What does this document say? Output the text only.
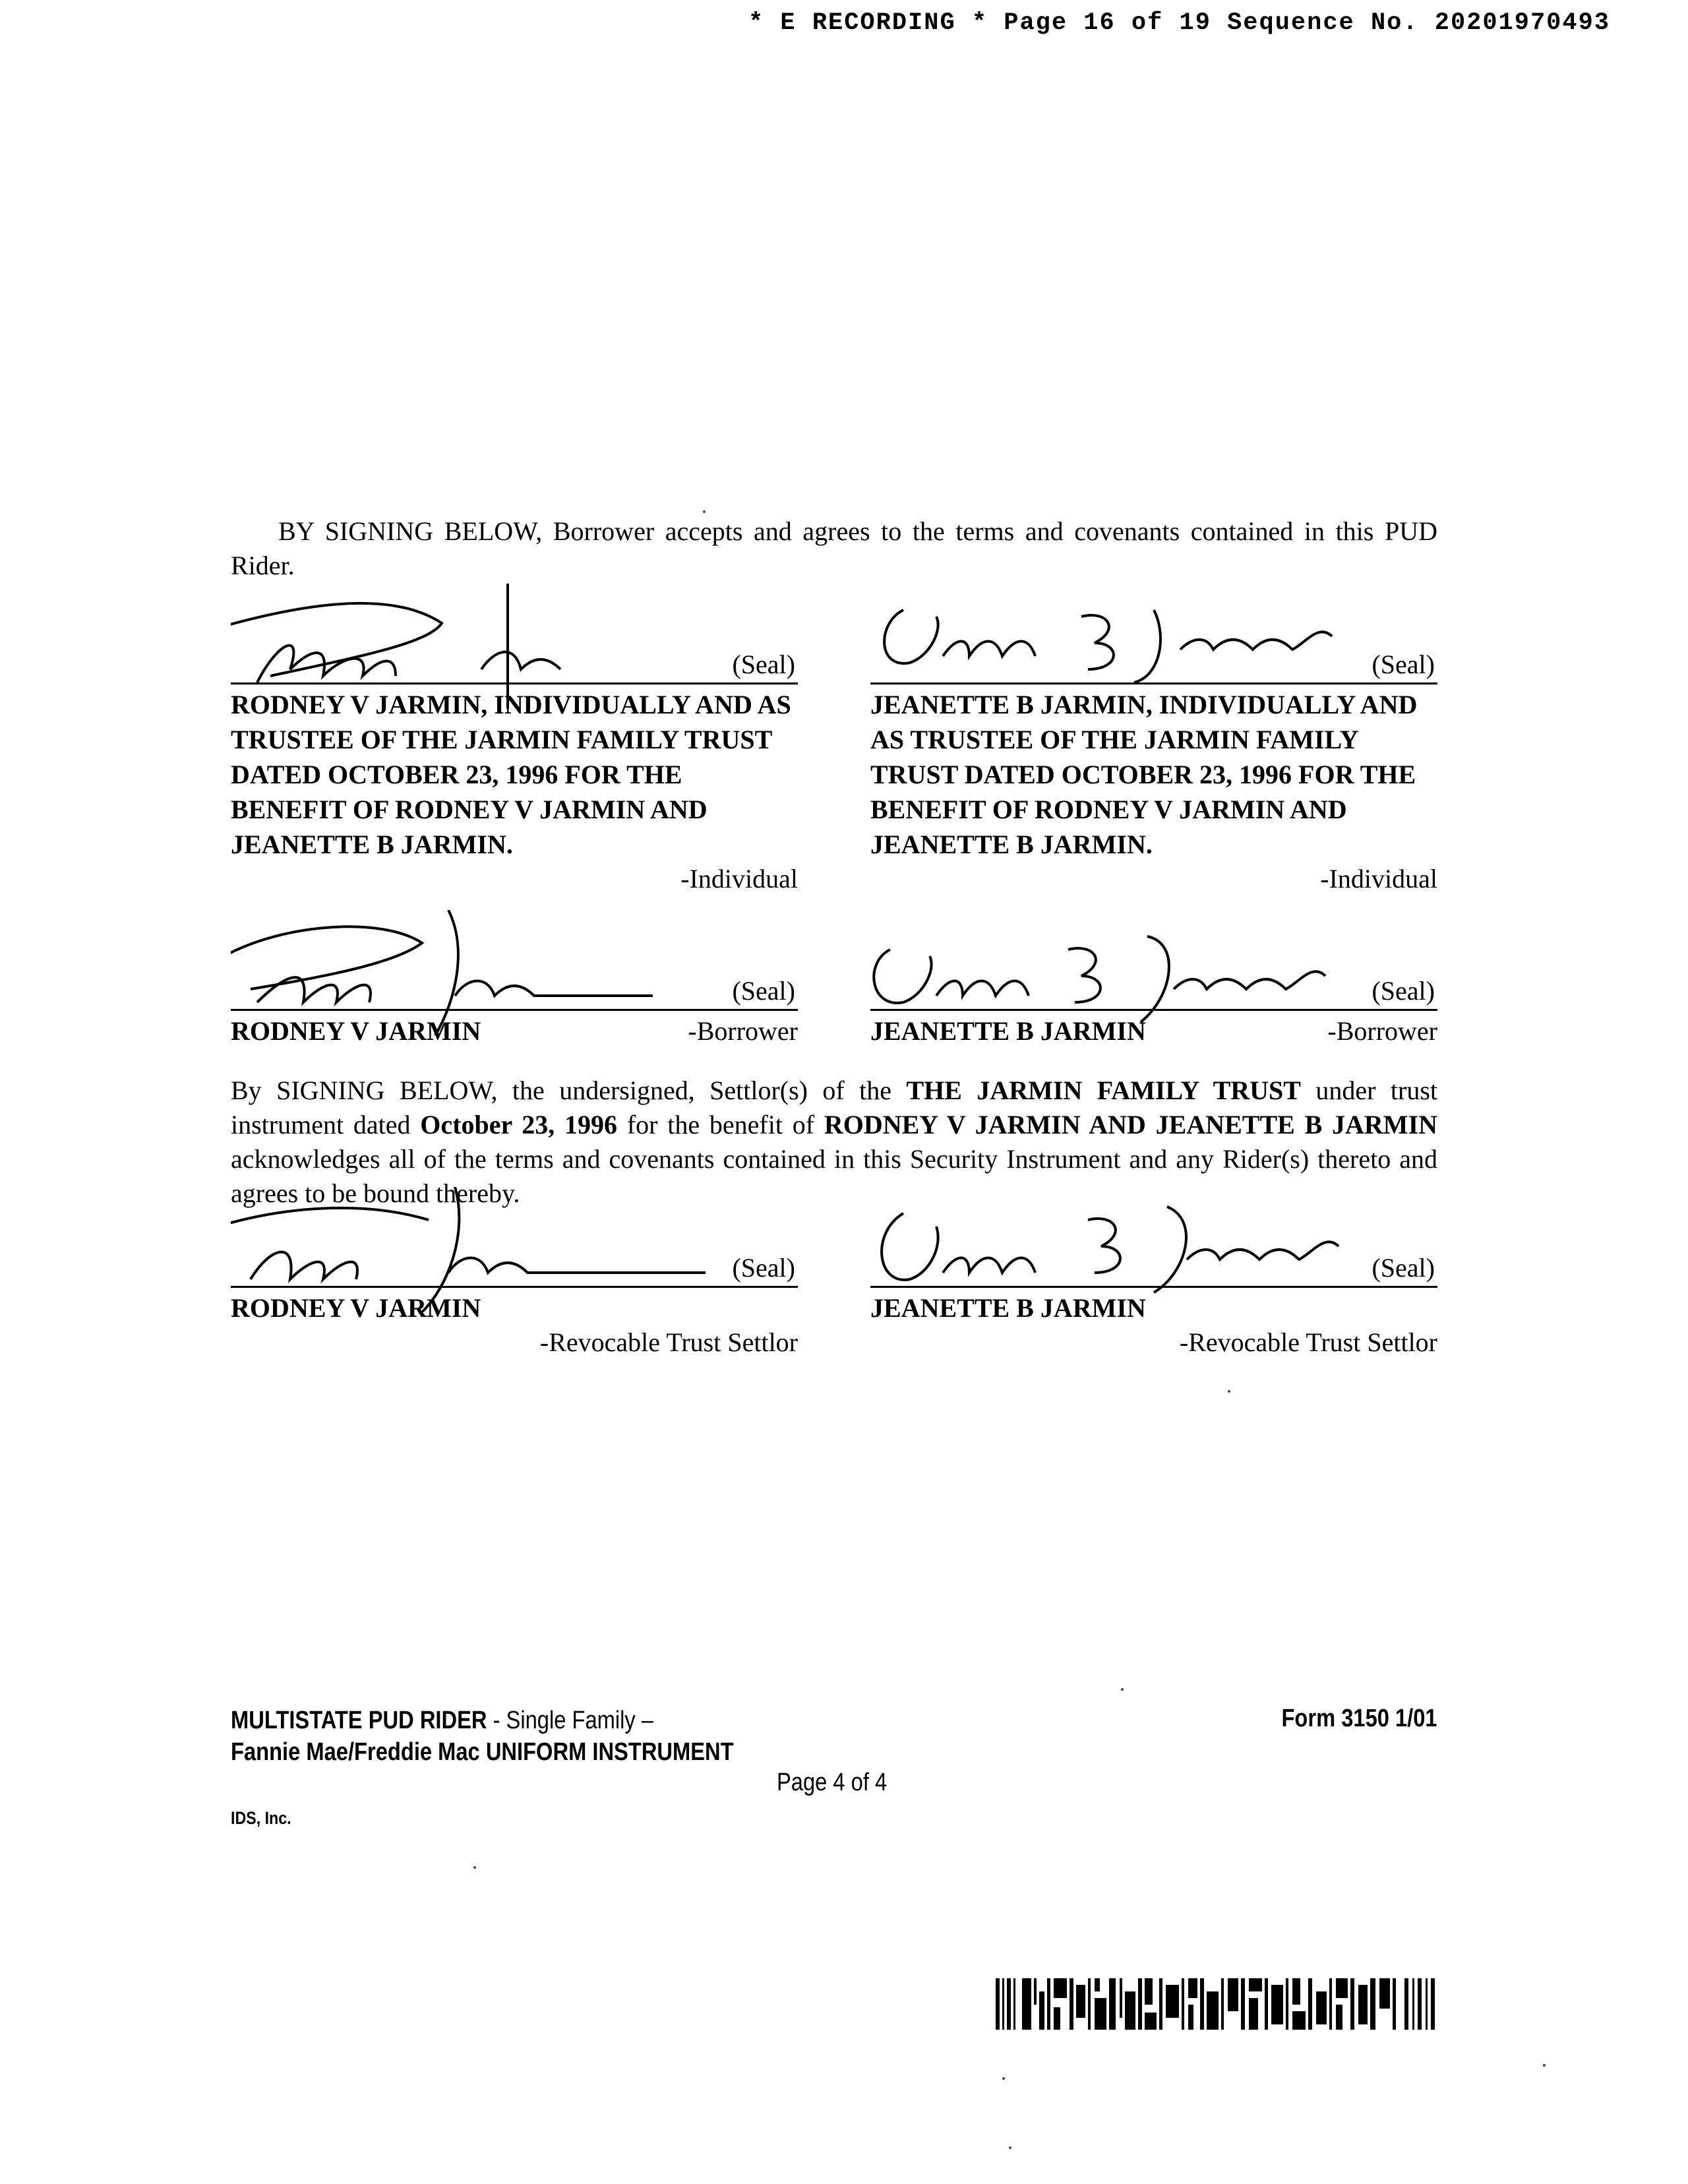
* E RECORDING * Page 16 of 19 Sequence No. 20201970493
BY SIGNING BELOW, Borrower accepts and agrees to the terms and covenants contained in this PUD Rider.
(Seal)
RODNEY V JARMIN, INDIVIDUALLY AND AS TRUSTEE OF THE JARMIN FAMILY TRUST DATED OCTOBER 23, 1996 FOR THE BENEFIT OF RODNEY V JARMIN AND JEANETTE B JARMIN.
-Individual
(Seal)
JEANETTE B JARMIN, INDIVIDUALLY AND AS TRUSTEE OF THE JARMIN FAMILY TRUST DATED OCTOBER 23, 1996 FOR THE BENEFIT OF RODNEY V JARMIN AND JEANETTE B JARMIN.
-Individual
(Seal)
RODNEY V JARMIN	-Borrower
(Seal)
JEANETTE B JARMIN	-Borrower
By SIGNING BELOW, the undersigned, Settlor(s) of the THE JARMIN FAMILY TRUST under trust instrument dated October 23, 1996 for the benefit of RODNEY V JARMIN AND JEANETTE B JARMIN acknowledges all of the terms and covenants contained in this Security Instrument and any Rider(s) thereto and agrees to be bound thereby.
(Seal)
RODNEY V JARMIN
-Revocable Trust Settlor
(Seal)
JEANETTE B JARMIN
-Revocable Trust Settlor
MULTISTATE PUD RIDER - Single Family –
Fannie Mae/Freddie Mac UNIFORM INSTRUMENT
Form 3150 1/01
Page 4 of 4
IDS, Inc.
